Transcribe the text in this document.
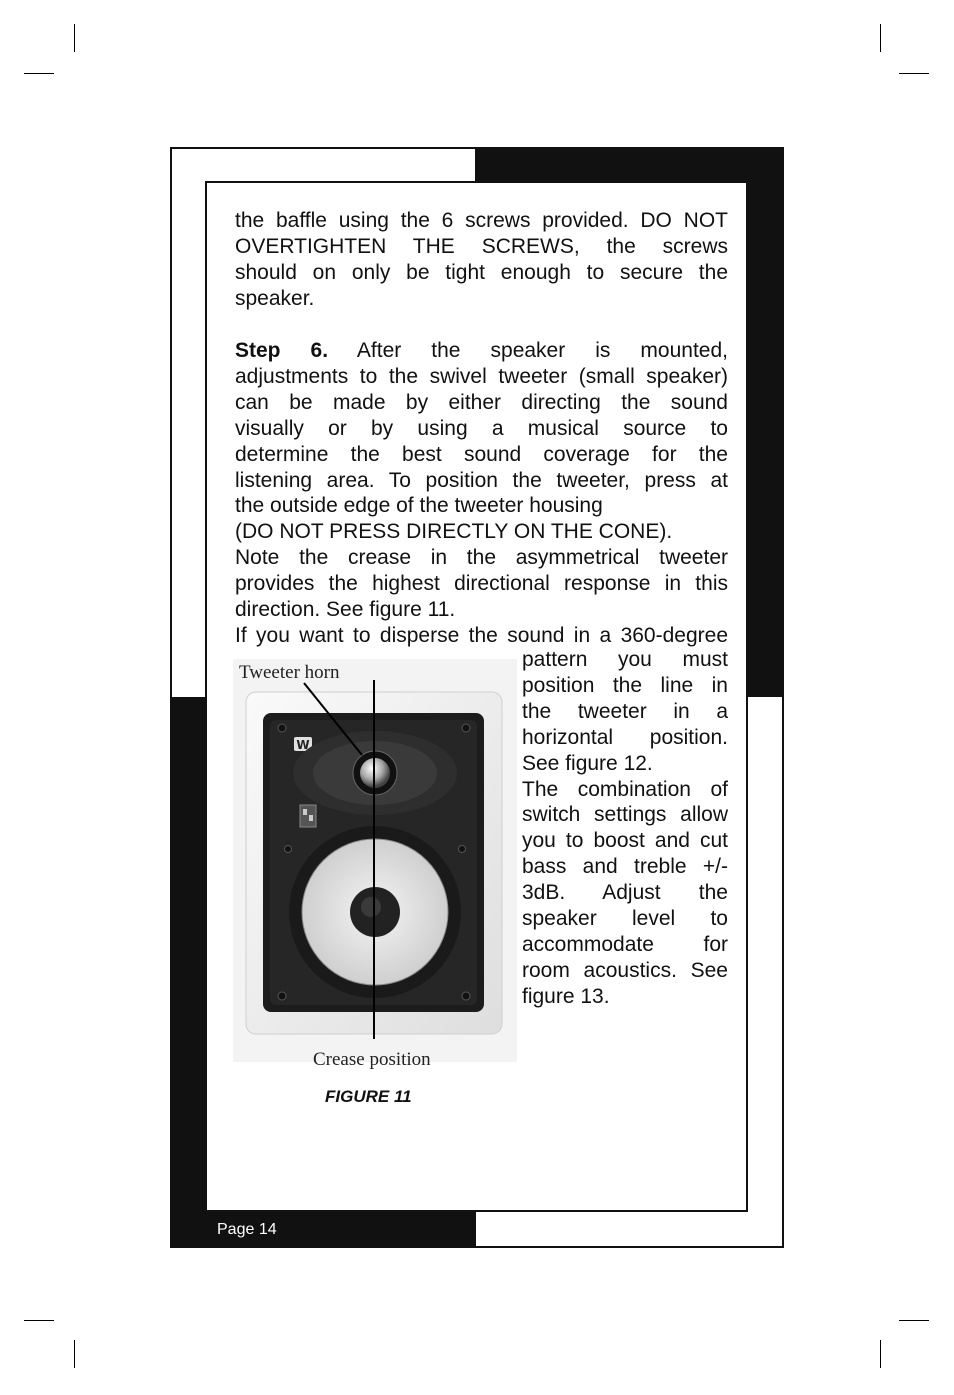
the baffle using the 6 screws provided. DO NOT
OVERTIGHTEN THE SCREWS, the screws
should on only be tight enough to secure the
speaker.
Step 6. After the speaker is mounted,
adjustments to the swivel tweeter (small speaker)
can be made by either directing the sound
visually or by using a musical source to
determine the best sound coverage for the
listening area. To position the tweeter, press at
the outside edge of the tweeter housing
(DO NOT PRESS DIRECTLY ON THE CONE).
Note the crease in the asymmetrical tweeter
provides the highest directional response in this
direction. See figure 11.
If you want to disperse the sound in a 360-degree
pattern you must
position the line in
the tweeter in a
horizontal position.
See figure 12.
The combination of
switch settings allow
you to boost and cut
bass and treble +/-
3dB. Adjust the
speaker level to
accommodate for
room acoustics. See
figure 13.
W
Tweeter horn
Crease position
FIGURE 11
Page 14
